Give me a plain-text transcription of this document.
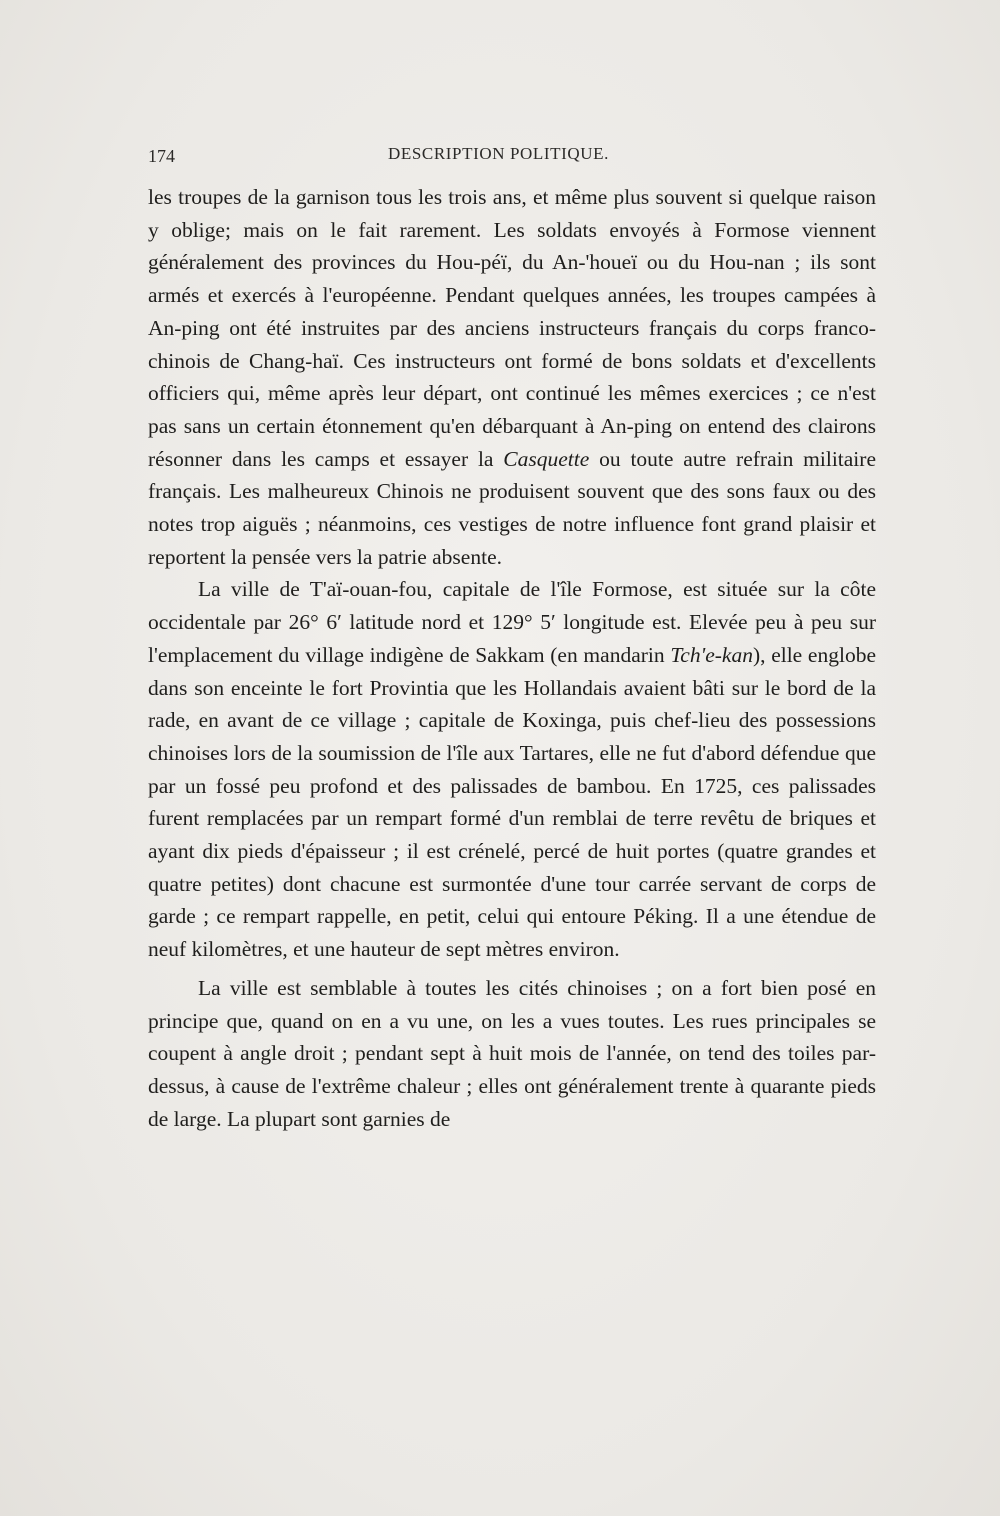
174	DESCRIPTION POLITIQUE.

les troupes de la garnison tous les trois ans, et même plus souvent si quelque raison y oblige; mais on le fait rarement. Les soldats envoyés à Formose viennent généralement des provinces du Hou-péï, du An-'houeï ou du Hou-nan ; ils sont armés et exercés à l'européenne. Pendant quelques années, les troupes campées à An-ping ont été instruites par des anciens instructeurs français du corps franco-chinois de Chang-haï. Ces instructeurs ont formé de bons soldats et d'excellents officiers qui, même après leur départ, ont continué les mêmes exercices ; ce n'est pas sans un certain étonnement qu'en débarquant à An-ping on entend des clairons résonner dans les camps et essayer la Casquette ou toute autre refrain militaire français. Les malheureux Chinois ne produisent souvent que des sons faux ou des notes trop aiguës ; néanmoins, ces vestiges de notre influence font grand plaisir et reportent la pensée vers la patrie absente.

La ville de T'aï-ouan-fou, capitale de l'île Formose, est située sur la côte occidentale par 26° 6′ latitude nord et 129° 5′ longitude est. Elevée peu à peu sur l'emplacement du village indigène de Sakkam (en mandarin Tch'e-kan), elle englobe dans son enceinte le fort Provintia que les Hollandais avaient bâti sur le bord de la rade, en avant de ce village ; capitale de Koxinga, puis chef-lieu des possessions chinoises lors de la soumission de l'île aux Tartares, elle ne fut d'abord défendue que par un fossé peu profond et des palissades de bambou. En 1725, ces palissades furent remplacées par un rempart formé d'un remblai de terre revêtu de briques et ayant dix pieds d'épaisseur ; il est crénelé, percé de huit portes (quatre grandes et quatre petites) dont chacune est surmontée d'une tour carrée servant de corps de garde ; ce rempart rappelle, en petit, celui qui entoure Péking. Il a une étendue de neuf kilomètres, et une hauteur de sept mètres environ.

La ville est semblable à toutes les cités chinoises ; on a fort bien posé en principe que, quand on en a vu une, on les a vues toutes. Les rues principales se coupent à angle droit ; pendant sept à huit mois de l'année, on tend des toiles par-dessus, à cause de l'extrême chaleur ; elles ont généralement trente à quarante pieds de large. La plupart sont garnies de
